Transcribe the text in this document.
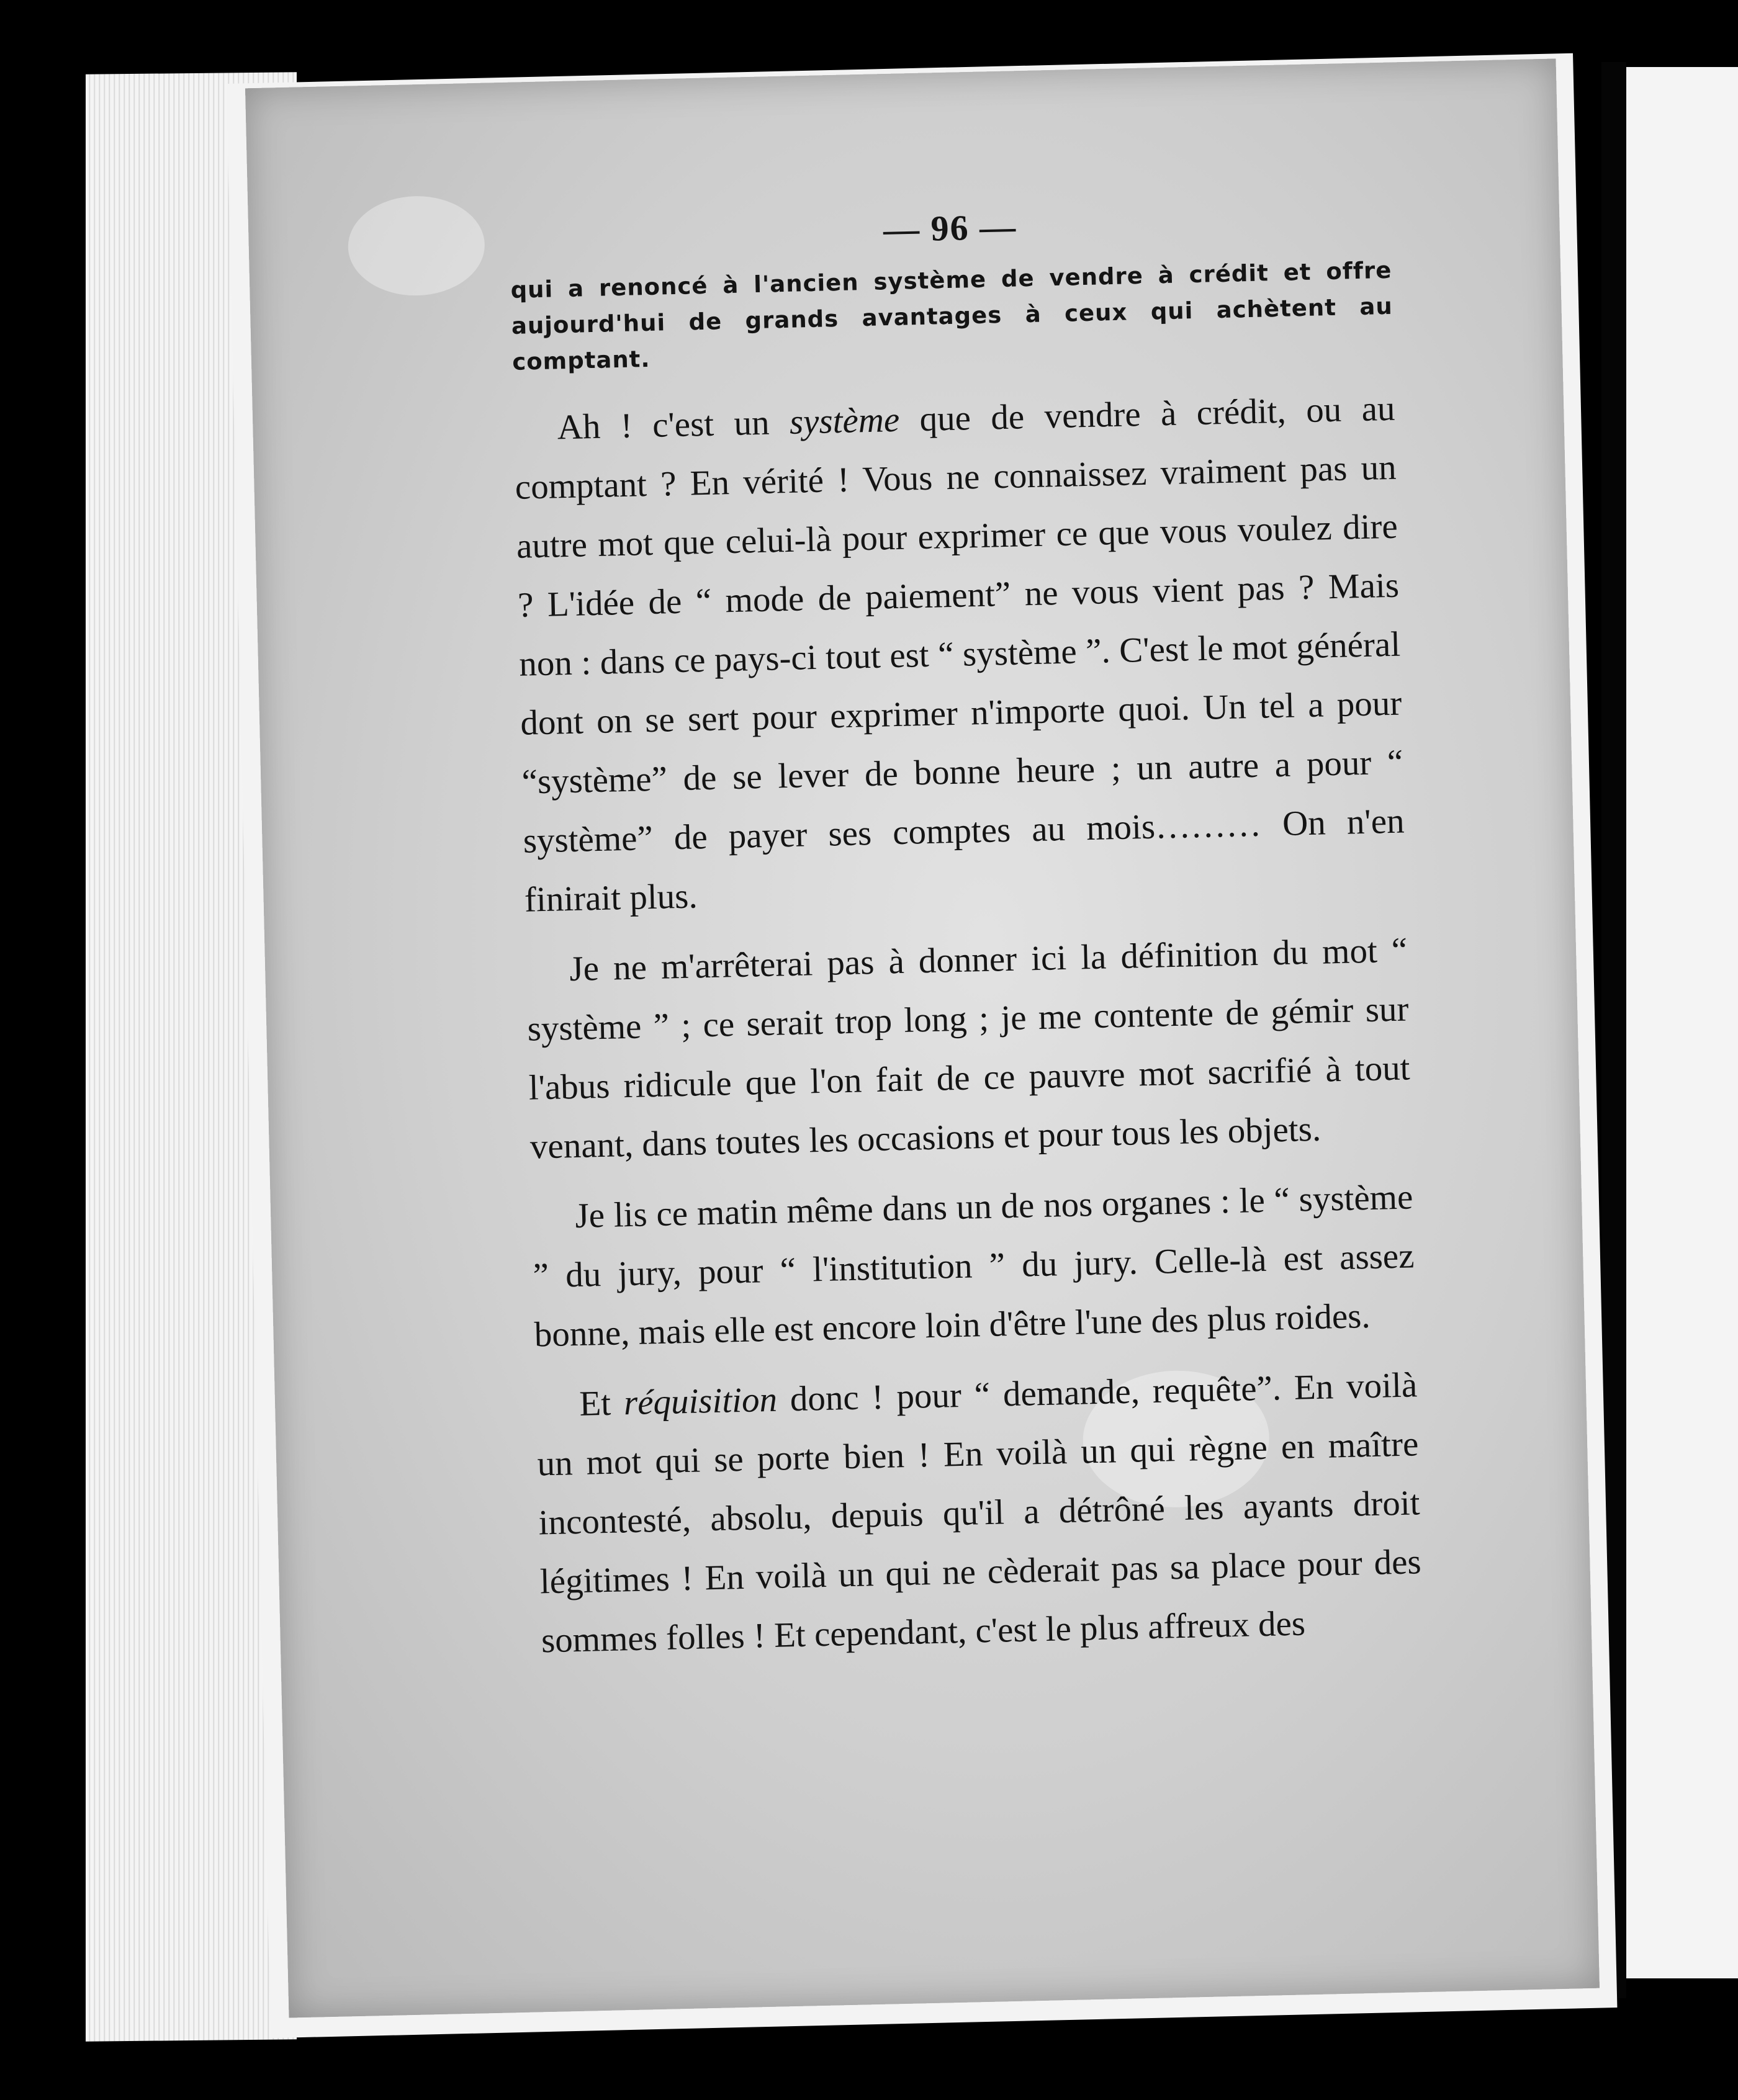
— 96 —

qui a renoncé à l'ancien système de vendre à crédit et offre aujourd'hui de grands avantages à ceux qui achètent au comptant.

Ah ! c'est un système que de vendre à crédit, ou au comptant ? En vérité ! Vous ne connaissez vraiment pas un autre mot que celui-là pour exprimer ce que vous voulez dire ? L'idée de “ mode de paiement” ne vous vient pas ? Mais non : dans ce pays-ci tout est “ système ”. C'est le mot général dont on se sert pour exprimer n'importe quoi. Un tel a pour “système” de se lever de bonne heure ; un autre a pour “ système” de payer ses comptes au mois……… On n'en finirait plus.

Je ne m'arrêterai pas à donner ici la définition du mot “ système ” ; ce serait trop long ; je me contente de gémir sur l'abus ridicule que l'on fait de ce pauvre mot sacrifié à tout venant, dans toutes les occasions et pour tous les objets.

Je lis ce matin même dans un de nos organes : le “ système ” du jury, pour “ l'institution ” du jury. Celle-là est assez bonne, mais elle est encore loin d'être l'une des plus roides.

Et réquisition donc ! pour “ demande, requête”. En voilà un mot qui se porte bien ! En voilà un qui règne en maître incontesté, absolu, depuis qu'il a détrôné les ayants droit légitimes ! En voilà un qui ne cèderait pas sa place pour des sommes folles ! Et cependant, c'est le plus affreux des
